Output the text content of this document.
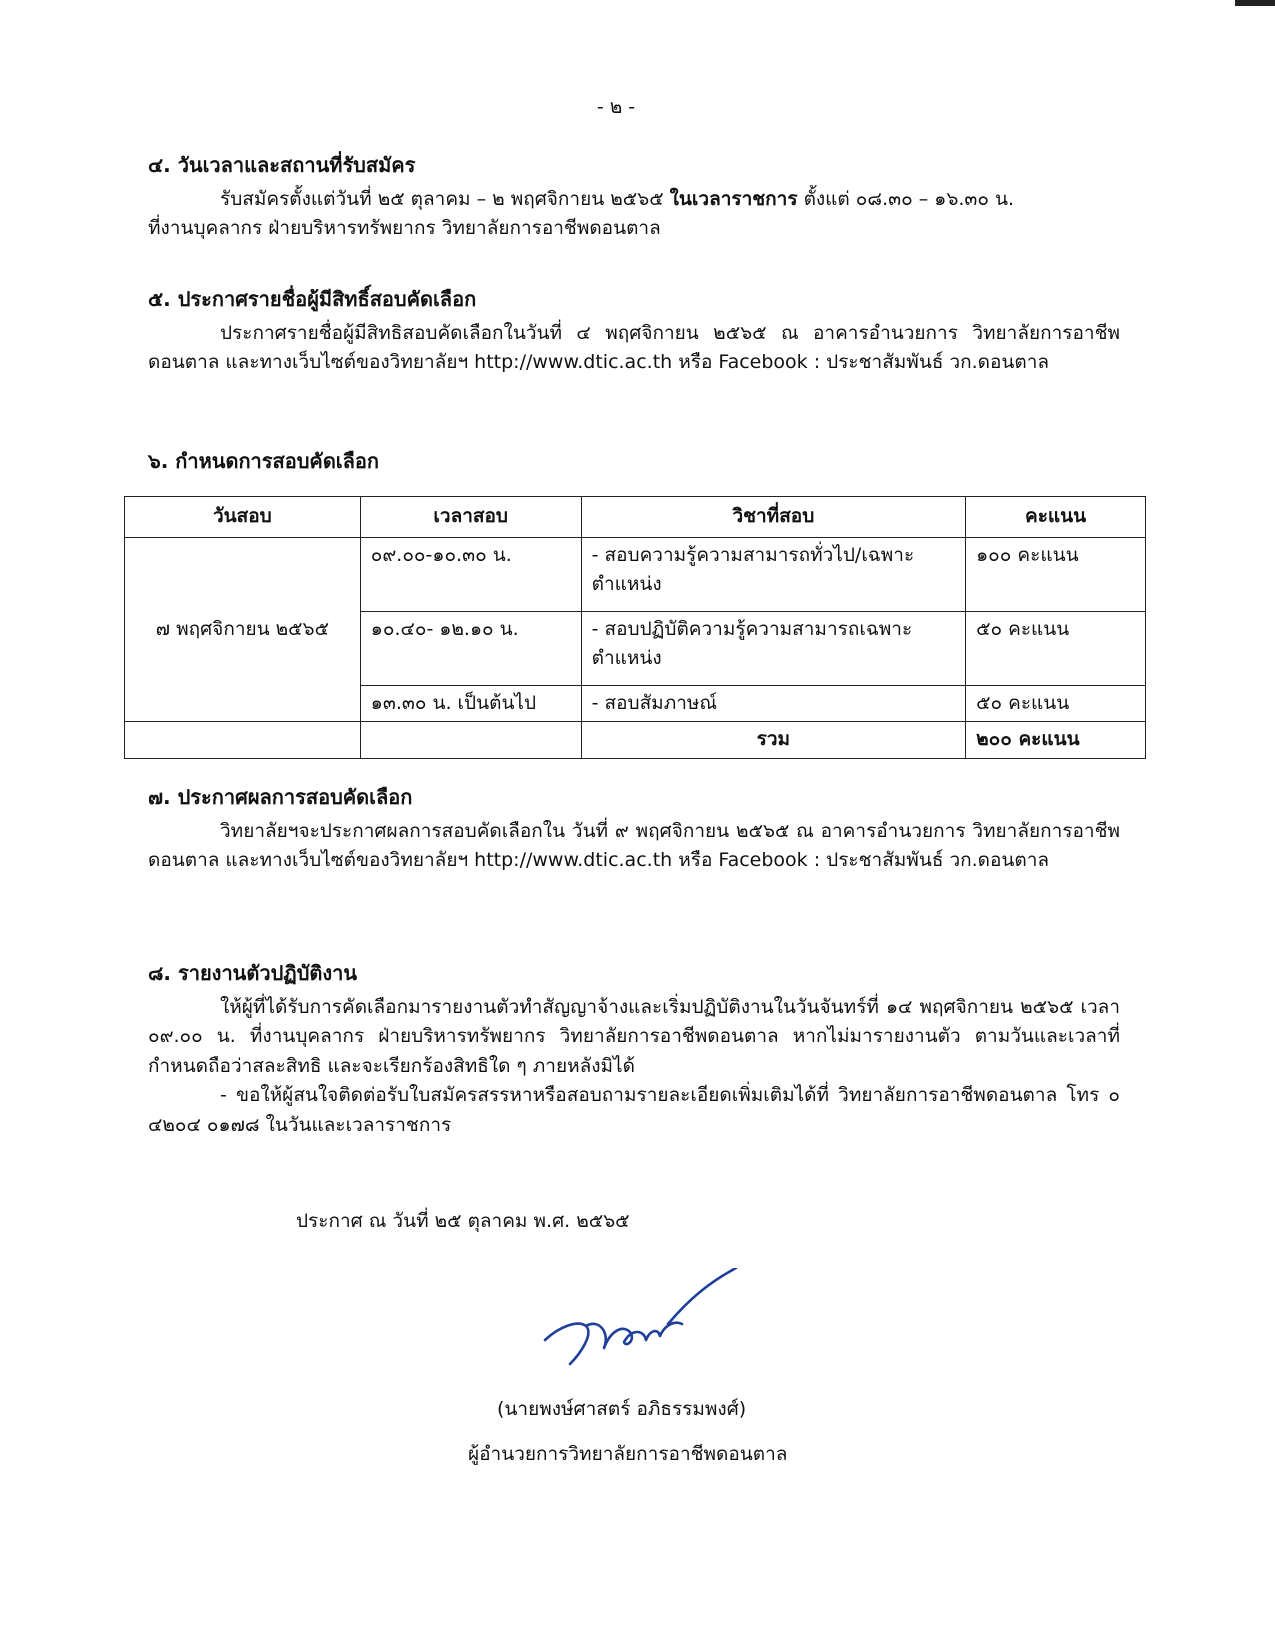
- ๒ -
๔. วันเวลาและสถานที่รับสมัคร
รับสมัครตั้งแต่วันที่ ๒๕ ตุลาคม – ๒ พฤศจิกายน ๒๕๖๕ ในเวลาราชการ ตั้งแต่ ๐๘.๓๐ – ๑๖.๓๐ น.
ที่งานบุคลากร ฝ่ายบริหารทรัพยากร วิทยาลัยการอาชีพดอนตาล
๕. ประกาศรายชื่อผู้มีสิทธิ์สอบคัดเลือก
ประกาศรายชื่อผู้มีสิทธิสอบคัดเลือกในวันที่ ๔ พฤศจิกายน ๒๕๖๕ ณ อาคารอำนวยการ วิทยาลัยการอาชีพดอนตาล และทางเว็บไซต์ของวิทยาลัยฯ http://www.dtic.ac.th หรือ Facebook : ประชาสัมพันธ์ วก.ดอนตาล
๖. กำหนดการสอบคัดเลือก
วันสอบ	เวลาสอบ	วิชาที่สอบ	คะแนน
๗ พฤศจิกายน ๒๕๖๕	๐๙.๐๐-๑๐.๓๐ น.	- สอบความรู้ความสามารถทั่วไป/เฉพาะตำแหน่ง	๑๐๐ คะแนน
	๑๐.๔๐- ๑๒.๑๐ น.	- สอบปฏิบัติความรู้ความสามารถเฉพาะตำแหน่ง	๕๐ คะแนน
	๑๓.๓๐ น. เป็นต้นไป	- สอบสัมภาษณ์	๕๐ คะแนน
		รวม	๒๐๐ คะแนน
๗. ประกาศผลการสอบคัดเลือก
วิทยาลัยฯจะประกาศผลการสอบคัดเลือกใน วันที่ ๙ พฤศจิกายน ๒๕๖๕ ณ อาคารอำนวยการ วิทยาลัยการอาชีพดอนตาล และทางเว็บไซต์ของวิทยาลัยฯ http://www.dtic.ac.th หรือ Facebook : ประชาสัมพันธ์ วก.ดอนตาล
๘. รายงานตัวปฏิบัติงาน
ให้ผู้ที่ได้รับการคัดเลือกมารายงานตัวทำสัญญาจ้างและเริ่มปฏิบัติงานในวันจันทร์ที่ ๑๔ พฤศจิกายน ๒๕๖๕ เวลา ๐๙.๐๐ น. ที่งานบุคลากร ฝ่ายบริหารทรัพยากร วิทยาลัยการอาชีพดอนตาล หากไม่มารายงานตัว ตามวันและเวลาที่กำหนดถือว่าสละสิทธิ และจะเรียกร้องสิทธิใด ๆ ภายหลังมิได้
- ขอให้ผู้สนใจติดต่อรับใบสมัครสรรหาหรือสอบถามรายละเอียดเพิ่มเติมได้ที่ วิทยาลัยการอาชีพดอนตาล โทร ๐ ๔๒๐๔ ๐๑๗๘ ในวันและเวลาราชการ
ประกาศ ณ วันที่ ๒๕ ตุลาคม พ.ศ. ๒๕๖๕
(นายพงษ์ศาสตร์ อภิธรรมพงศ์)
ผู้อำนวยการวิทยาลัยการอาชีพดอนตาล
